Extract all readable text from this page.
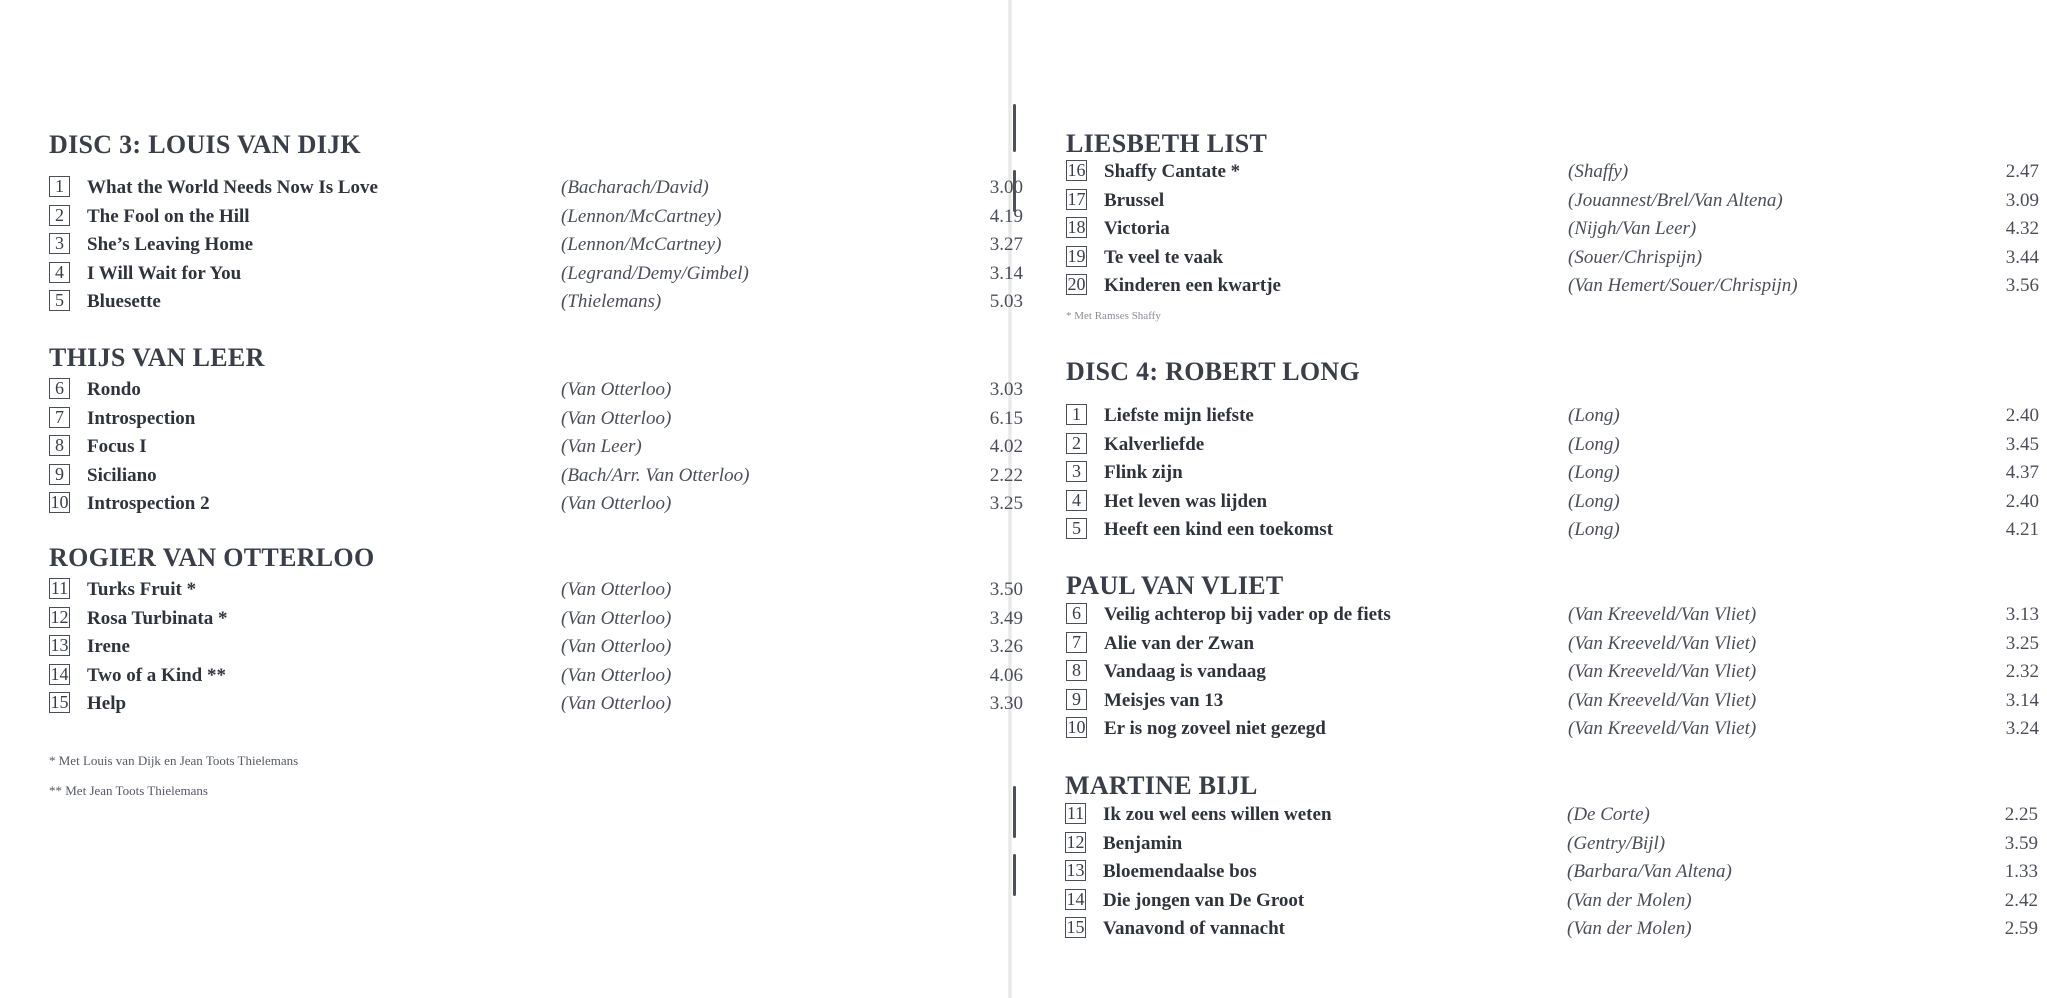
DISC 3: LOUIS VAN DIJK
1	What the World Needs Now Is Love	(Bacharach/David)	3.00
2	The Fool on the Hill	(Lennon/McCartney)	4.19
3	She’s Leaving Home	(Lennon/McCartney)	3.27
4	I Will Wait for You	(Legrand/Demy/Gimbel)	3.14
5	Bluesette	(Thielemans)	5.03
THIJS VAN LEER
6	Rondo	(Van Otterloo)	3.03
7	Introspection	(Van Otterloo)	6.15
8	Focus I	(Van Leer)	4.02
9	Siciliano	(Bach/Arr. Van Otterloo)	2.22
10 Introspection 2	(Van Otterloo)	3.25
ROGIER VAN OTTERLOO
11 Turks Fruit *	(Van Otterloo)	3.50
12 Rosa Turbinata *	(Van Otterloo)	3.49
13 Irene	(Van Otterloo)	3.26
14 Two of a Kind **	(Van Otterloo)	4.06
15 Help	(Van Otterloo)	3.30
* Met Louis van Dijk en Jean Toots Thielemans
** Met Jean Toots Thielemans
LIESBETH LIST
16 Shaffy Cantate *	(Shaffy)	2.47
17 Brussel	(Jouannest/Brel/Van Altena)	3.09
18 Victoria	(Nijgh/Van Leer)	4.32
19 Te veel te vaak	(Souer/Chrispijn)	3.44
20 Kinderen een kwartje	(Van Hemert/Souer/Chrispijn)	3.56
* Met Ramses Shaffy
DISC 4: ROBERT LONG
1	Liefste mijn liefste	(Long)	2.40
2	Kalverliefde	(Long)	3.45
3	Flink zijn	(Long)	4.37
4	Het leven was lijden	(Long)	2.40
5	Heeft een kind een toekomst	(Long)	4.21
PAUL VAN VLIET
6	Veilig achterop bij vader op de fiets	(Van Kreeveld/Van Vliet)	3.13
7	Alie van der Zwan	(Van Kreeveld/Van Vliet)	3.25
8	Vandaag is vandaag	(Van Kreeveld/Van Vliet)	2.32
9	Meisjes van 13	(Van Kreeveld/Van Vliet)	3.14
10 Er is nog zoveel niet gezegd	(Van Kreeveld/Van Vliet)	3.24
MARTINE BIJL
11 Ik zou wel eens willen weten	(De Corte)	2.25
12 Benjamin	(Gentry/Bijl)	3.59
13 Bloemendaalse bos	(Barbara/Van Altena)	1.33
14 Die jongen van De Groot	(Van der Molen)	2.42
15 Vanavond of vannacht	(Van der Molen)	2.59
